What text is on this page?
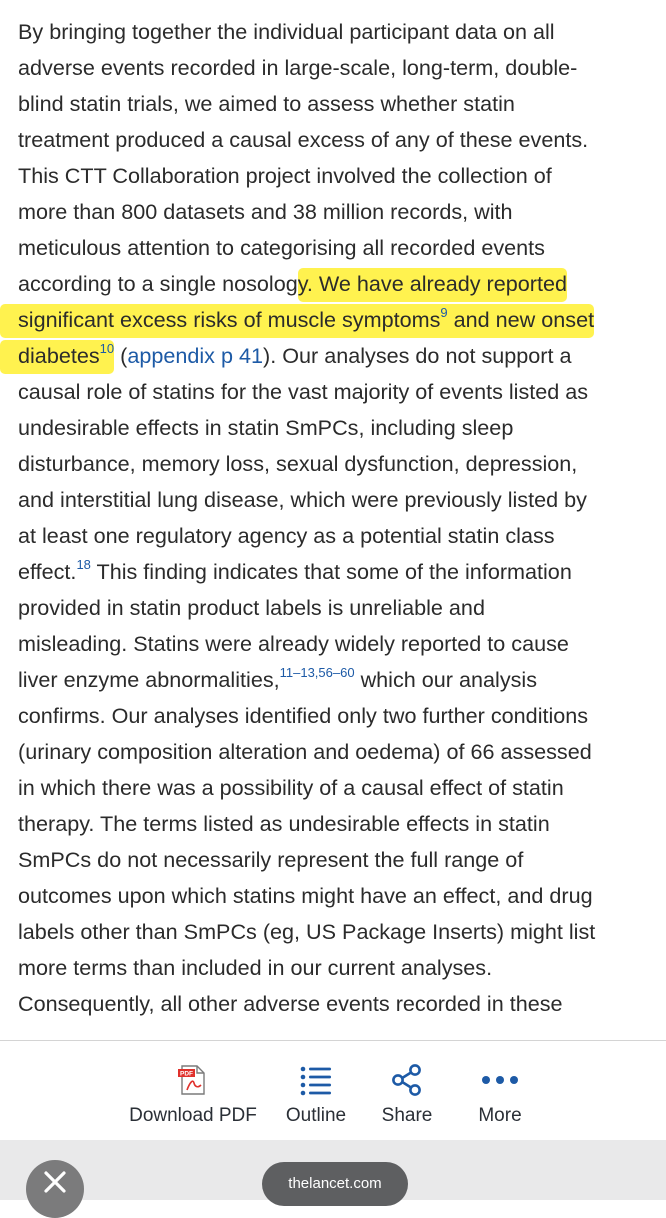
By bringing together the individual participant data on all
adverse events recorded in large-scale, long-term, double-
blind statin trials, we aimed to assess whether statin
treatment produced a causal excess of any of these events.
This CTT Collaboration project involved the collection of
more than 800 datasets and 38 million records, with
meticulous attention to categorising all recorded events
according to a single nosology. We have already reported
significant excess risks of muscle symptoms$^9$ and new onset
diabetes$^{10}$ (appendix p 41). Our analyses do not support a
causal role of statins for the vast majority of events listed as
undesirable effects in statin SmPCs, including sleep
disturbance, memory loss, sexual dysfunction, depression,
and interstitial lung disease, which were previously listed by
at least one regulatory agency as a potential statin class
effect.$^{18}$ This finding indicates that some of the information
provided in statin product labels is unreliable and
misleading. Statins were already widely reported to cause
liver enzyme abnormalities,$^{11-13,56-60}$ which our analysis
confirms. Our analyses identified only two further conditions
(urinary composition alteration and oedema) of 66 assessed
in which there was a possibility of a causal effect of statin
therapy. The terms listed as undesirable effects in statin
SmPCs do not necessarily represent the full range of
outcomes upon which statins might have an effect, and drug
labels other than SmPCs (eg, US Package Inserts) might list
more terms than included in our current analyses.
Consequently, all other adverse events recorded in these

PDF
Download PDF	Outline	Share	More
thelancet.com
